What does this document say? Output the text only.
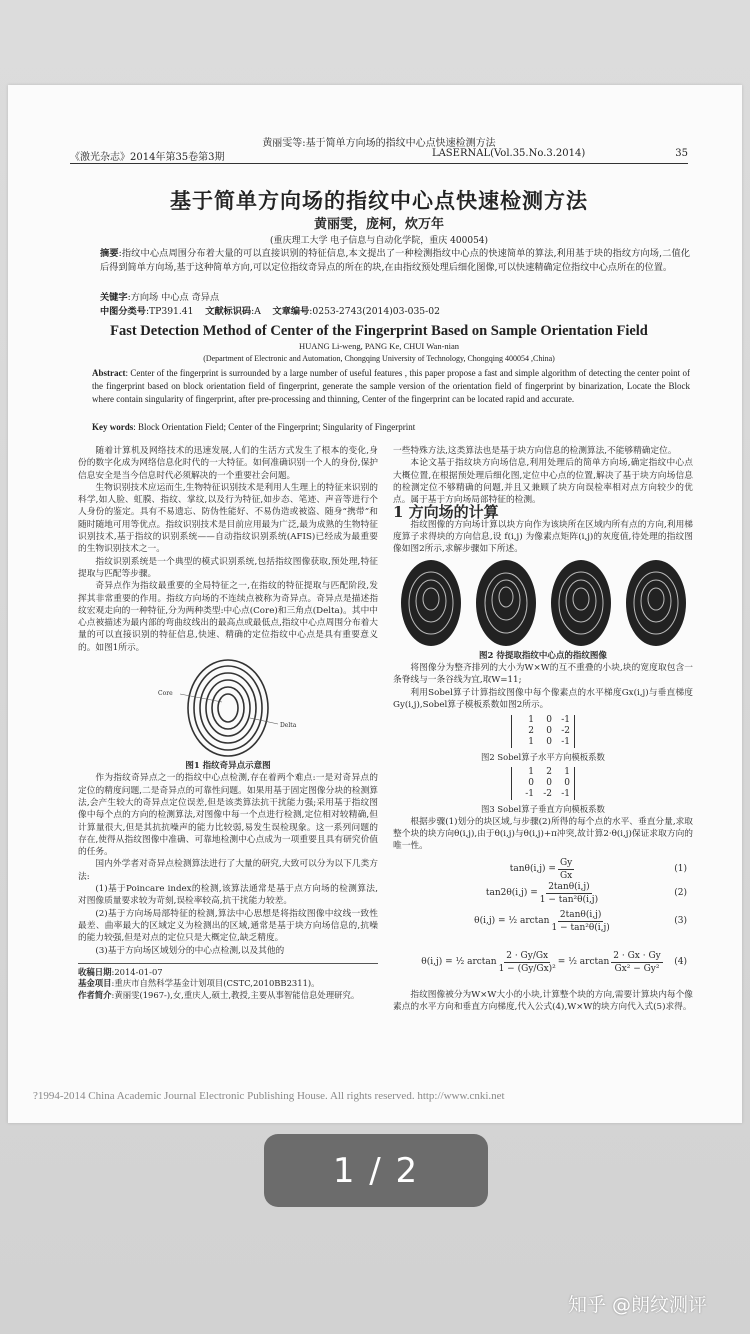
黄丽雯等:基于简单方向场的指纹中心点快速检测方法
《激光杂志》2014年第35卷第3期	LASERNAL(Vol.35.No.3.2014)	35
基于简单方向场的指纹中心点快速检测方法
黄丽雯，庞柯，炊万年
(重庆理工大学 电子信息与自动化学院，重庆 400054)
摘要:指纹中心点周围分布着大量的可以直接识别的特征信息,本文提出了一种检测指纹中心点的快速简单的算法,利用基于块的指纹方向场,二值化后得到简单方向场,基于这种简单方向,可以定位指纹奇异点的所在的块,在由指纹预处理后细化图像,可以快速精确定位指纹中心点所在的位置。
关键字:方向场 中心点 奇异点
中图分类号:TP391.41 文献标识码:A 文章编号:0253-2743(2014)03-035-02
Fast Detection Method of Center of the Fingerprint Based on Sample Orientation Field
HUANG Li-weng, PANG Ke, CHUI Wan-nian
(Department of Electronic and Automation, Chongqing University of Technology, Chongqing 400054 ,China)
Abstract: Center of the fingerprint is surrounded by a large number of useful features , this paper propose a fast and simple algorithm of detecting the center point of the fingerprint based on block orientation field of fingerprint, generate the sample version of the orientation field of fingerprint by binarization, Locate the Block where contain singularity of fingerprint, after pre-processing and thinning, Center of the fingerprint can be located rapid and accurate.
Key words: Block Orientation Field; Center of the Fingerprint; Singularity of Fingerprint

随着计算机及网络技术的迅速发展,人们的生活方式发生了根本的变化,身份的数字化成为网络信息化时代的一大特征。如何准确识别一个人的身份,保护信息安全是当今信息时代必须解决的一个重要社会问题。

生物识别技术应运而生,生物特征识别技术是利用人生理上的特征来识别的科学,如人脸、虹膜、指纹、掌纹,以及行为特征,如步态、笔迹、声音等进行个人身份的鉴定。具有不易遗忘、防伪性能好、不易伪造或被盗、随身“携带”和随时随地可用等优点。指纹识别技术是目前应用最为广泛,最为成熟的生物特征识别技术,基于指纹的识别系统——自动指纹识别系统(AFIS)已经成为最重要的生物识别技术之一。

指纹识别系统是一个典型的模式识别系统,包括指纹图像获取,预处理,特征提取与匹配等步骤。

奇异点作为指纹最重要的全局特征之一,在指纹的特征提取与匹配阶段,发挥其非常重要的作用。指纹方向场的不连续点被称为奇异点。奇异点是描述指纹宏观走向的一种特征,分为两种类型:中心点(Core)和三角点(Delta)。其中中心点被描述为最内部的弯曲纹线出的最高点或最低点,指纹中心点周围分布着大量的可以直接识别的特征信息,快速、精确的定位指纹中心点是具有重要意义的。如图1所示。

Core
Delta
图1 指纹奇异点示意图

作为指纹奇异点之一的指纹中心点检测,存在着两个难点:一是对奇异点的定位的精度问题,二是奇异点的可靠性问题。如果用基于固定图像分块的检测算法,会产生较大的奇异点定位误差,但是该类算法抗干扰能力强;采用基于指纹图像中每个点的方向的检测算法,对图像中每一个点进行检测,定位相对较精确,但计算量很大,但是其抗抗噪声的能力比较弱,易发生误检现象。这一系列问题的存在,使得从指纹图像中准确、可靠地检测中心点成为一项重要且具有研究价值的任务。

国内外学者对奇异点检测算法进行了大量的研究,大致可以分为以下几类方法:

(1)基于Poincare index的检测,该算法通常是基于点方向场的检测算法,对图像质量要求较为苛刻,误检率较高,抗干扰能力较差。

(2)基于方向场局部特征的检测,算法中心思想是将指纹图像中纹线一致性最差、曲率最大的区域定义为检测出的区域,通常是基于块方向场信息的,抗噪的能力较强,但是对点的定位只是大概定位,缺乏精度。

(3)基于方向场区域划分的中心点检测,以及其他的

收稿日期:2014-01-07
基金项目:重庆市自然科学基金计划项目(CSTC,2010BB2311)。
作者简介:黄丽雯(1967-),女,重庆人,硕士,教授,主要从事智能信息处理研究。

一些特殊方法,这类算法也是基于块方向信息的检测算法,不能够精确定位。

本论文基于指纹块方向场信息,利用处理后的简单方向场,确定指纹中心点大概位置,在根据预处理后细化图,定位中心点的位置,解决了基于块方向场信息的检测定位不够精确的问题,并且又兼顾了块方向误检率相对点方向较少的优点。属于基于方向场局部特征的检测。

1 方向场的计算

指纹图像的方向场计算以块方向作为该块所在区域内所有点的方向,利用梯度算子求得块的方向信息,设 f(i,j) 为像素点矩阵(i,j)的灰度值,待处理的指纹图像如图2所示,求解步骤如下所述。

图2 待提取指纹中心点的指纹图像

将图像分为整齐排列的大小为W×W的互不重叠的小块,块的宽度取包含一条脊线与一条谷线为宜,取W=11;

利用Sobel算子计算指纹图像中每个像素点的水平梯度Gx(i,j)与垂直梯度Gy(i,j),Sobel算子模板系数如图2所示。

1	0	-1
2	0	-2
1	0	-1
图2 Sobel算子水平方向模板系数
1	2	1
0	0	0
-1	-2	-1
图3 Sobel算子垂直方向模板系数

根据步骤(1)划分的块区域,与步骤(2)所得的每个点的水平、垂直分量,求取整个块的块方向θ(i,j),由于θ(i,j)与θ(i,j)+π冲突,故计算2·θ(i,j)保证求取方向的唯一性。

$\tan\theta(i,j) = \frac{Gy}{Gx}$	(1)
$\tan 2\theta(i,j) = \frac{2\tan\theta(i,j)}{\text{1 − tan²θ(i,j)}}$	(2)
θ(i,j) = ½ $\arctan \frac{2\tan\theta(i,j)}{\text{1 − tan²θ(i,j)}}$	(3)
θ(i,j) = ½ $\arctan \frac{2 \cdot Gy/Gx}{\text{1 − (Gy/Gx)²}}$ = ½ $\arctan \frac{2 \cdot Gx \cdot Gy}{\text{Gx² − Gy²}} (4)$

指纹图像被分为W×W大小的小块,计算整个块的方向,需要计算块内每个像素点的水平方向和垂直方向梯度,代入公式(4),W×W的块方向代入式(5)求得。

?1994-2014 China Academic Journal Electronic Publishing House. All rights reserved. http://www.cnki.net
1 / 2
知乎 @朗纹测评
